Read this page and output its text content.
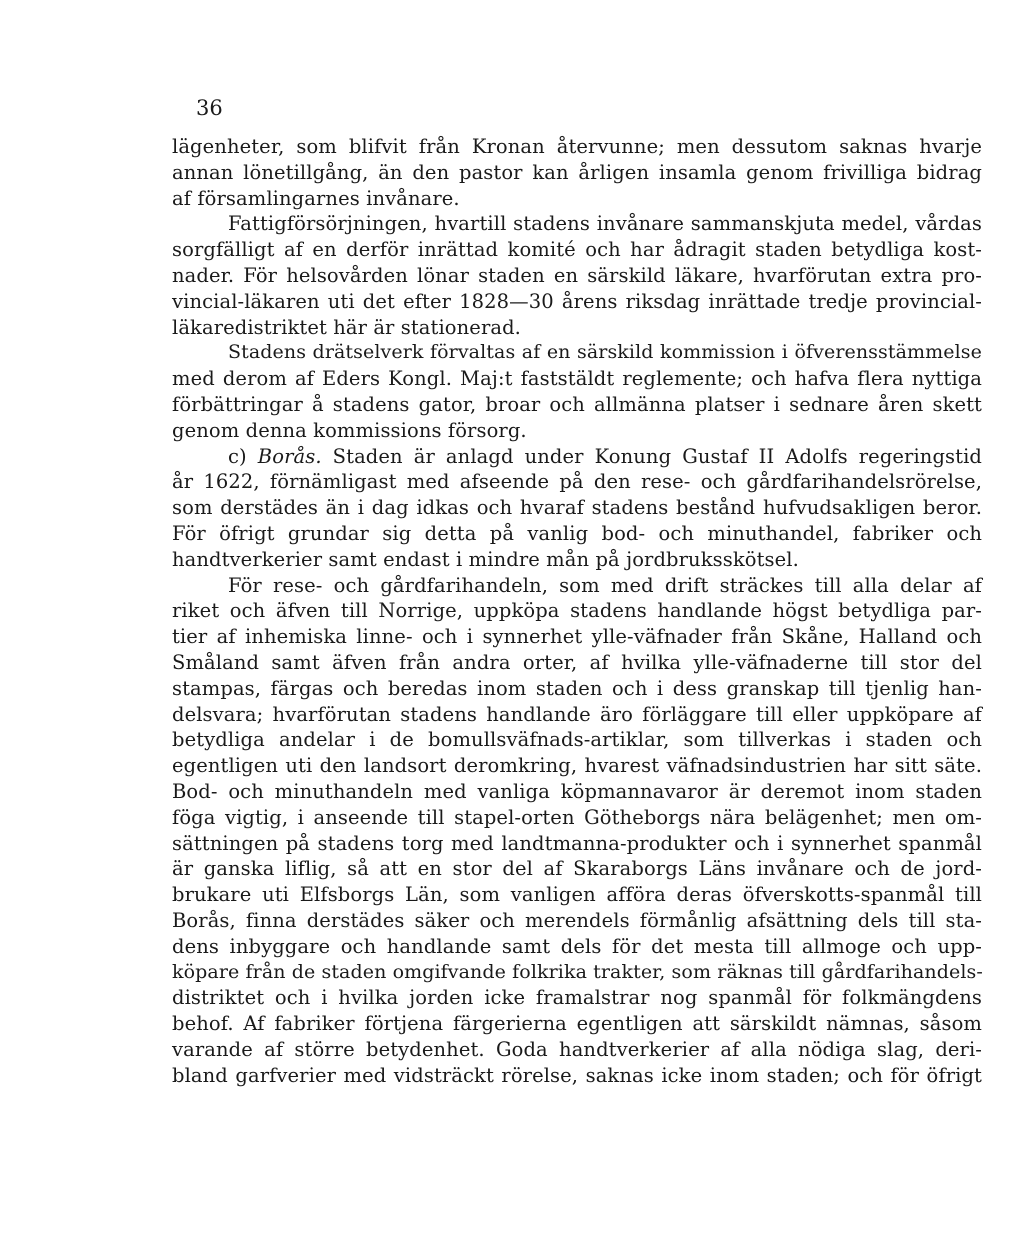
36
lägenheter, som blifvit från Kronan återvunne; men dessutom saknas hvarje
annan lönetillgång, än den pastor kan årligen insamla genom frivilliga bidrag
af församlingarnes invånare.
Fattigförsörjningen, hvartill stadens invånare sammanskjuta medel, vårdas
sorgfälligt af en derför inrättad komité och har ådragit staden betydliga kost-
nader. För helsovården lönar staden en särskild läkare, hvarförutan extra pro-
vincial-läkaren uti det efter 1828—30 årens riksdag inrättade tredje provincial-
läkaredistriktet här är stationerad.
Stadens drätselverk förvaltas af en särskild kommission i öfverensstämmelse
med derom af Eders Kongl. Maj:t faststäldt reglemente; och hafva flera nyttiga
förbättringar å stadens gator, broar och allmänna platser i sednare åren skett
genom denna kommissions försorg.
c) Borås. Staden är anlagd under Konung Gustaf II Adolfs regeringstid
år 1622, förnämligast med afseende på den rese- och gårdfarihandelsrörelse,
som derstädes än i dag idkas och hvaraf stadens bestånd hufvudsakligen beror.
För öfrigt grundar sig detta på vanlig bod- och minuthandel, fabriker och
handtverkerier samt endast i mindre mån på jordbruksskötsel.
För rese- och gårdfarihandeln, som med drift sträckes till alla delar af
riket och äfven till Norrige, uppköpa stadens handlande högst betydliga par-
tier af inhemiska linne- och i synnerhet ylle-väfnader från Skåne, Halland och
Småland samt äfven från andra orter, af hvilka ylle-väfnaderne till stor del
stampas, färgas och beredas inom staden och i dess granskap till tjenlig han-
delsvara; hvarförutan stadens handlande äro förläggare till eller uppköpare af
betydliga andelar i de bomullsväfnads-artiklar, som tillverkas i staden och
egentligen uti den landsort deromkring, hvarest väfnadsindustrien har sitt säte.
Bod- och minuthandeln med vanliga köpmannavaror är deremot inom staden
föga vigtig, i anseende till stapel-orten Götheborgs nära belägenhet; men om-
sättningen på stadens torg med landtmanna-produkter och i synnerhet spanmål
är ganska liflig, så att en stor del af Skaraborgs Läns invånare och de jord-
brukare uti Elfsborgs Län, som vanligen afföra deras öfverskotts-spanmål till
Borås, finna derstädes säker och merendels förmånlig afsättning dels till sta-
dens inbyggare och handlande samt dels för det mesta till allmoge och upp-
köpare från de staden omgifvande folkrika trakter, som räknas till gårdfarihandels-
distriktet och i hvilka jorden icke framalstrar nog spanmål för folkmängdens
behof. Af fabriker förtjena färgerierna egentligen att särskildt nämnas, såsom
varande af större betydenhet. Goda handtverkerier af alla nödiga slag, deri-
bland garfverier med vidsträckt rörelse, saknas icke inom staden; och för öfrigt
